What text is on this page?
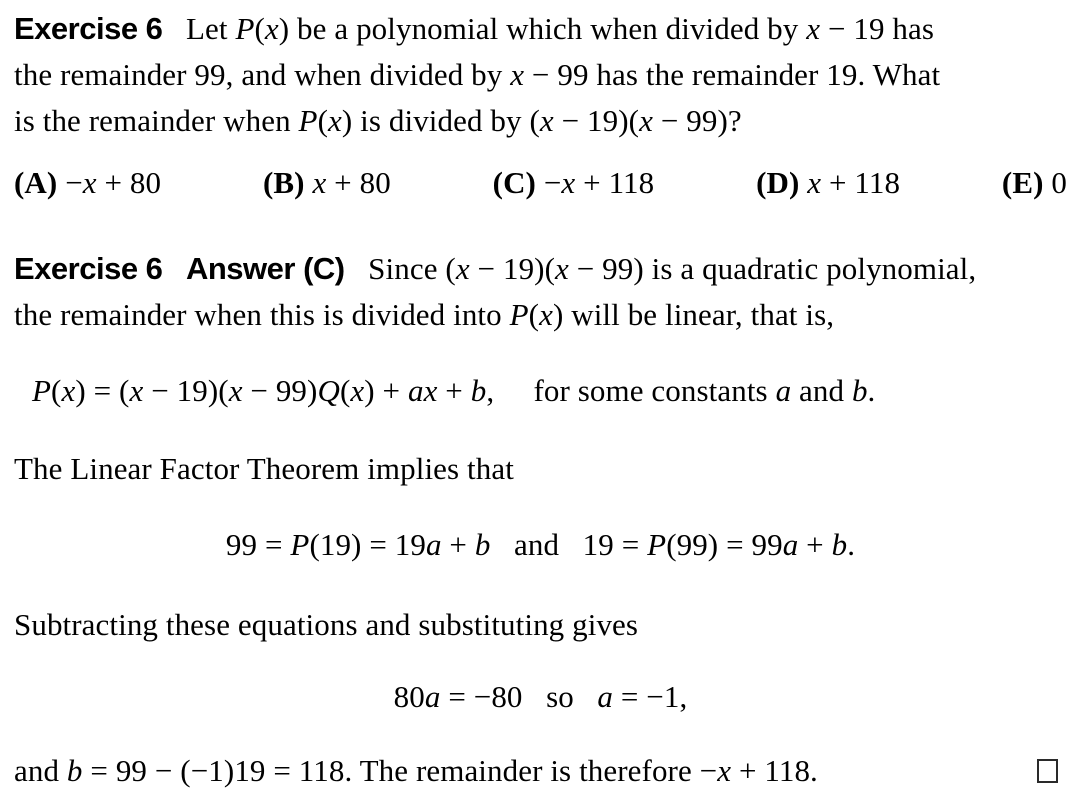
Exercise 6   Let P(x) be a polynomial which when divided by x − 19 has
the remainder 99, and when divided by x − 99 has the remainder 19. What
is the remainder when P(x) is divided by (x − 19)(x − 99)?
(A) −x + 80	(B) x + 80	(C) −x + 118	(D) x + 118	(E) 0
Exercise 6 Answer (C)   Since (x − 19)(x − 99) is a quadratic polynomial,
the remainder when this is divided into P(x) will be linear, that is,
P(x) = (x − 19)(x − 99)Q(x) + ax + b,     for some constants a and b.
The Linear Factor Theorem implies that
99 = P(19) = 19a + b   and   19 = P(99) = 99a + b.
Subtracting these equations and substituting gives
80a = −80   so   a = −1,
and b = 99 − (−1)19 = 118. The remainder is therefore −x + 118.
